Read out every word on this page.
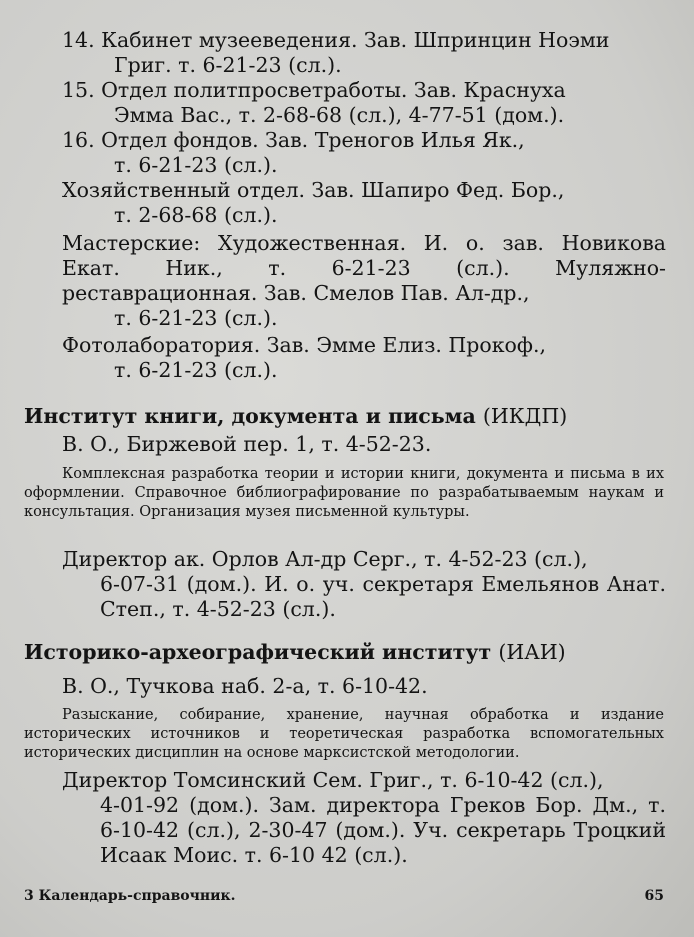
14. Кабинет музееведения. Зав. Шпринцин Ноэми
Григ. т. 6-21-23 (сл.).
15. Отдел политпросветработы. Зав. Краснуха
Эмма Вас., т. 2-68-68 (сл.), 4-77-51 (дом.).
16. Отдел фондов. Зав. Треногов Илья Як.,
т. 6-21-23 (сл.).
Хозяйственный отдел. Зав. Шапиро Фед. Бор.,
т. 2-68-68 (сл.).
Мастерские: Художественная. И. о. зав. Новикова Екат. Ник., т. 6-21-23 (сл.). Муляжно-реставрационная. Зав. Смелов Пав. Ал-др.,
т. 6-21-23 (сл.).
Фотолаборатория. Зав. Эмме Елиз. Прокоф.,
т. 6-21-23 (сл.).
Институт книги, документа и письма (ИКДП)
В. О., Биржевой пер. 1, т. 4-52-23.
Комплексная разработка теории и истории книги, документа и письма в их оформлении. Справочное библиографирование по разрабатываемым наукам и консультация. Организация музея письменной культуры.
Директор ак. Орлов Ал-др Серг., т. 4-52-23 (сл.),
6-07-31 (дом.). И. о. уч. секретаря Емельянов Анат. Степ., т. 4-52-23 (сл.).
Историко-археографический институт (ИАИ)
В. О., Тучкова наб. 2-а, т. 6-10-42.
Разыскание, собирание, хранение, научная обработка и издание исторических источников и теоретическая разработка вспомогательных исторических дисциплин на основе марксистской методологии.
Директор Томсинский Сем. Григ., т. 6-10-42 (сл.),
4-01-92 (дом.). Зам. директора Греков Бор. Дм., т. 6-10-42 (сл.), 2-30-47 (дом.). Уч. секретарь Троцкий Исаак Моис. т. 6-10 42 (сл.).
3 Календарь-справочник.	65
